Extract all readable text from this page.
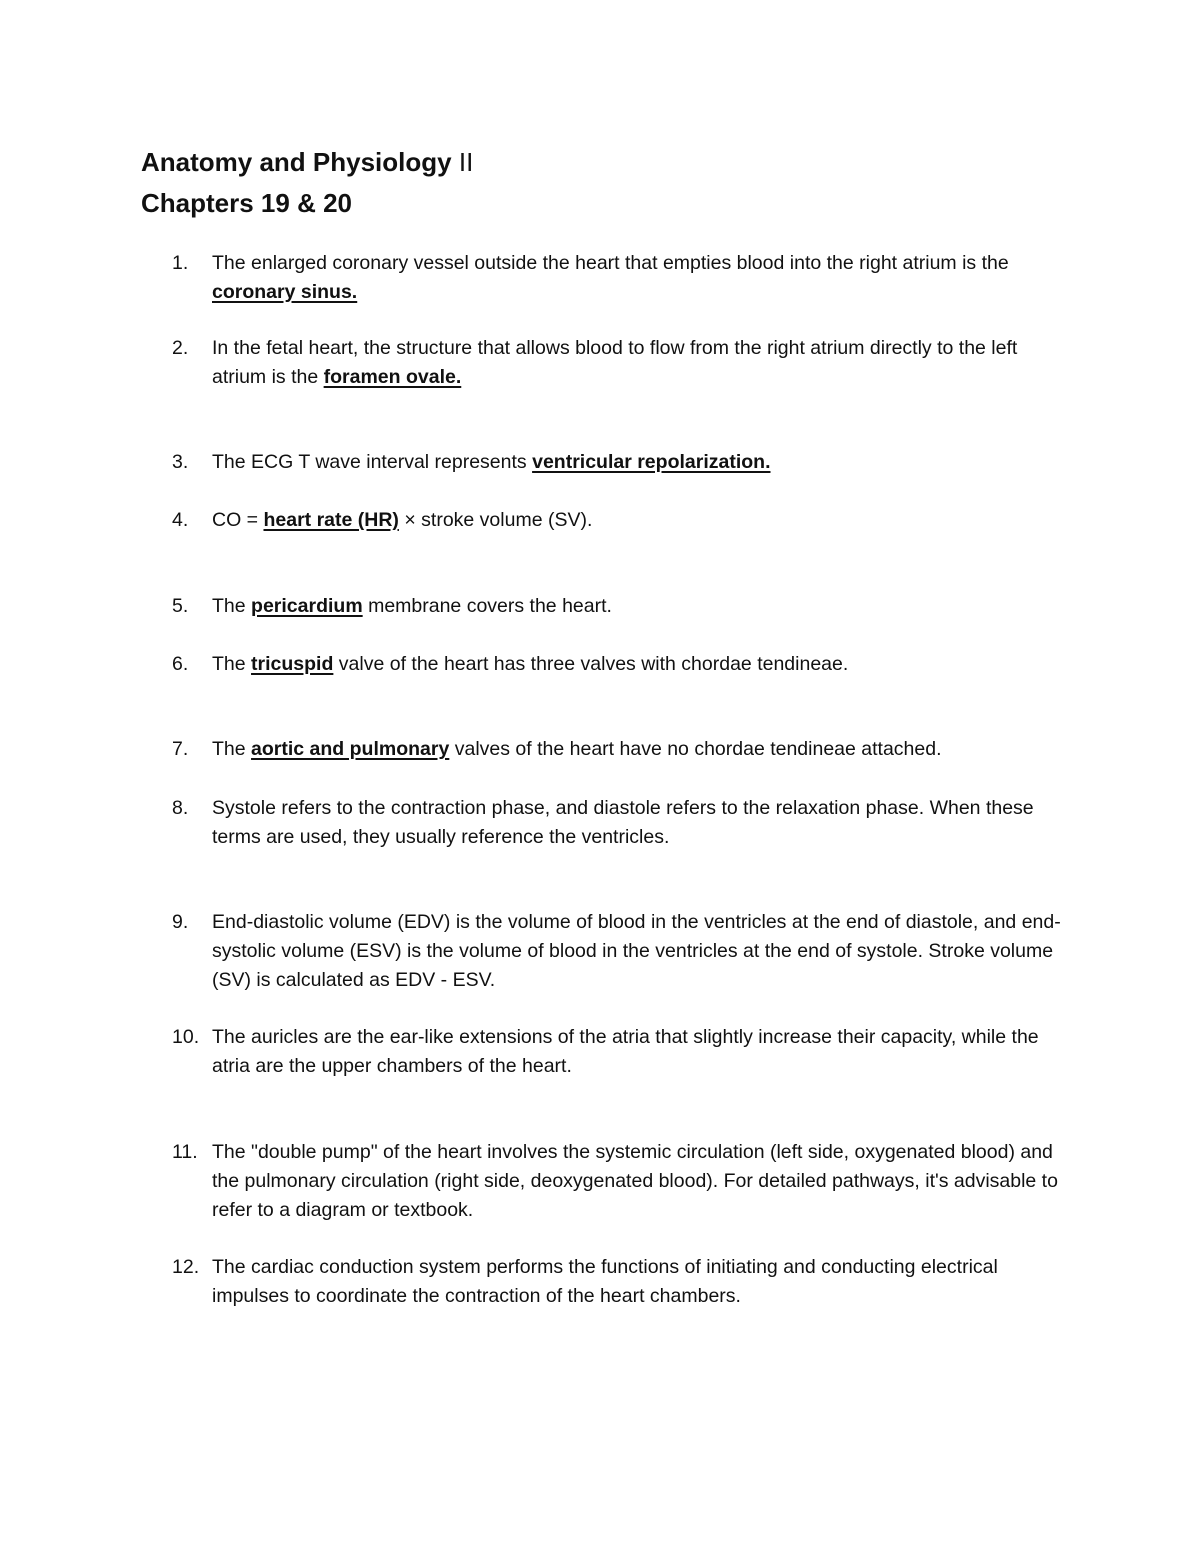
Anatomy and Physiology II
Chapters 19 & 20
1.	The enlarged coronary vessel outside the heart that empties blood into the right atrium is the coronary sinus.
2.	In the fetal heart, the structure that allows blood to flow from the right atrium directly to the left atrium is the foramen ovale.
3.	The ECG T wave interval represents ventricular repolarization.
4.	CO = heart rate (HR) × stroke volume (SV).
5.	The pericardium membrane covers the heart.
6.	The tricuspid valve of the heart has three valves with chordae tendineae.
7.	The aortic and pulmonary valves of the heart have no chordae tendineae attached.
8.	Systole refers to the contraction phase, and diastole refers to the relaxation phase. When these terms are used, they usually reference the ventricles.
9.	End-diastolic volume (EDV) is the volume of blood in the ventricles at the end of diastole, and end-systolic volume (ESV) is the volume of blood in the ventricles at the end of systole. Stroke volume (SV) is calculated as EDV - ESV.
10. The auricles are the ear-like extensions of the atria that slightly increase their capacity, while the atria are the upper chambers of the heart.
11. The "double pump" of the heart involves the systemic circulation (left side, oxygenated blood) and the pulmonary circulation (right side, deoxygenated blood). For detailed pathways, it's advisable to refer to a diagram or textbook.
12. The cardiac conduction system performs the functions of initiating and conducting electrical impulses to coordinate the contraction of the heart chambers.
